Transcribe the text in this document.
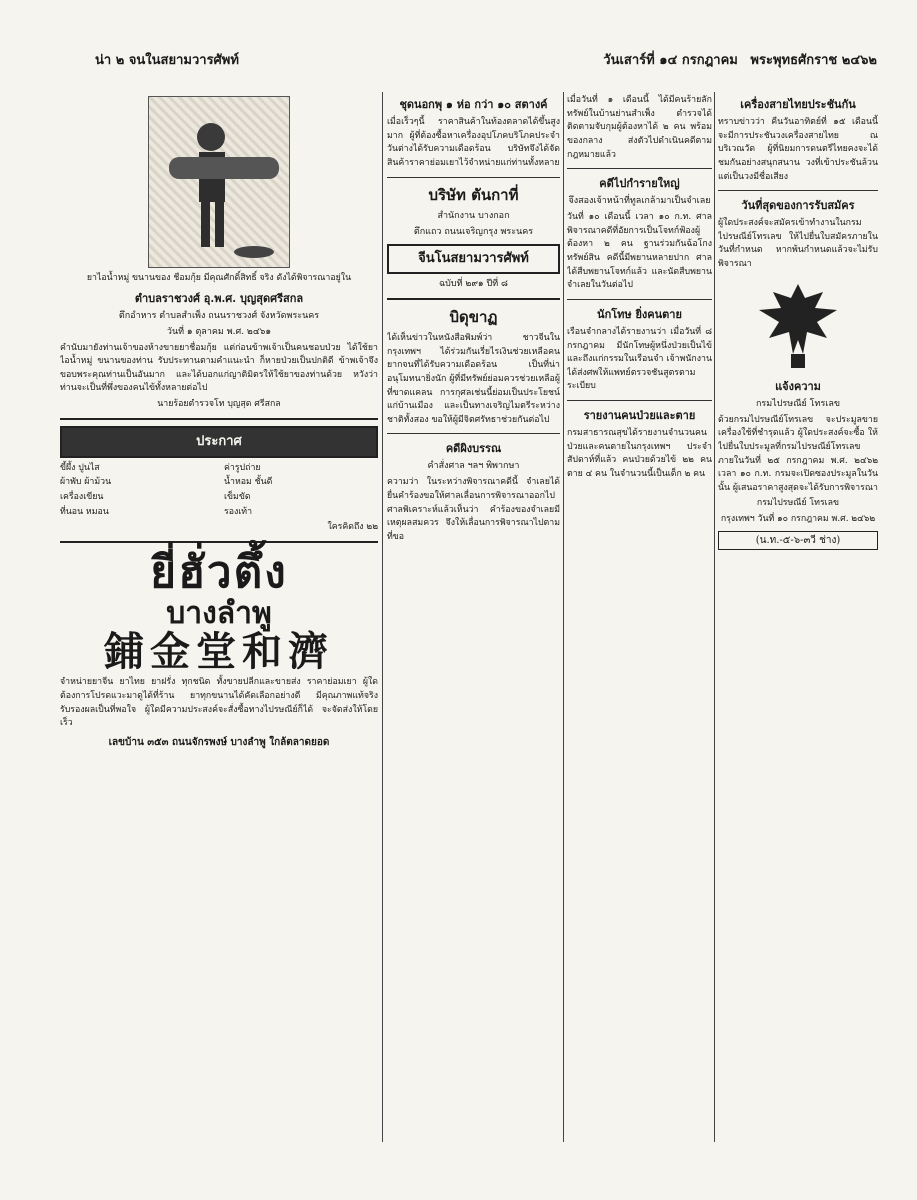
น่า ๒ จนในสยามวารศัพท์	วันเสาร์ที่ ๑๔ กรกฎาคม พระพุทธศักราช ๒๔๖๒
ยาไอน้ำหมู่ ขนานของ ชือมกุ้ย มีคุณศักดิ์สิทธิ์ จริง ดังได้พิจารณาอยู่ใน
ตำบลราชวงศ์ อุ.พ.ศ. บุญสุดศรีสกล
ตึกอำหาร ตำบลสำเพ็ง ถนนราชวงศ์ จังหวัดพระนคร
วันที่ ๑ ตุลาคม พ.ศ. ๒๔๖๑
คำนับมายังท่านเจ้าของห้างขายยาชื่อมกุ้ย แต่ก่อนข้าพเจ้าเป็นคนชอบป่วย ได้ใช้ยาไอน้ำหมู่ ขนานของท่าน รับประทานตามคำแนะนำ ก็หายป่วยเป็นปกติดี ข้าพเจ้าจึงขอบพระคุณท่านเป็นอันมาก และได้บอกแก่ญาติมิตรให้ใช้ยาของท่านด้วย หวังว่าท่านจะเป็นที่พึ่งของคนไข้ทั้งหลายต่อไป
นายร้อยตำรวจโท บุญสุด ศรีสกล
ประกาศ
ขี้ผึ้ง ปูนไส	ค่ารูปถ่าย
ผ้าพับ ผ้าม้วน	น้ำหอม ชั้นดี
เครื่องเขียน	เข็มขัด
ที่นอน หมอน	รองเท้า
ใครคิดถึง ๒๒
ยี่ฮั่วตึ้ง
บางลำพู
鋪金堂和濟
จำหน่ายยาจีน ยาไทย ยาฝรั่ง ทุกชนิด ทั้งขายปลีกและขายส่ง ราคาย่อมเยา ผู้ใดต้องการโปรดแวะมาดูได้ที่ร้าน ยาทุกขนานได้คัดเลือกอย่างดี มีคุณภาพแท้จริง รับรองผลเป็นที่พอใจ ผู้ใดมีความประสงค์จะสั่งซื้อทางไปรษณีย์ก็ได้ จะจัดส่งให้โดยเร็ว
เลขบ้าน ๓๕๓ ถนนจักรพงษ์ บางลำพู ใกล้ตลาดยอด
ชุดนอกพุ ๑ ห่อ กว่า ๑๐ สตางค์
เมื่อเร็วๆนี้ ราคาสินค้าในท้องตลาดได้ขึ้นสูงมาก ผู้ที่ต้องซื้อหาเครื่องอุปโภคบริโภคประจำวันต่างได้รับความเดือดร้อน บริษัทจึงได้จัดสินค้าราคาย่อมเยาไว้จำหน่ายแก่ท่านทั้งหลาย
บริษัท ตันกาที่
สำนักงาน บางกอก
ตึกแถว ถนนเจริญกรุง พระนคร
จีนโนสยามวารศัพท์
ฉบับที่ ๒๙๑ ปีที่ ๘
บิดุขาฏ
ได้เห็นข่าวในหนังสือพิมพ์ว่า ชาวจีนในกรุงเทพฯ ได้ร่วมกันเรี่ยไรเงินช่วยเหลือคนยากจนที่ได้รับความเดือดร้อน เป็นที่น่าอนุโมทนายิ่งนัก ผู้ที่มีทรัพย์ย่อมควรช่วยเหลือผู้ที่ขาดแคลน การกุศลเช่นนี้ย่อมเป็นประโยชน์แก่บ้านเมือง และเป็นทางเจริญไมตรีระหว่างชาติทั้งสอง ขอให้ผู้มีจิตศรัทธาช่วยกันต่อไป
คดีผิงบรรณ
คำสั่งศาล ฯลฯ พิพากษา
ความว่า ในระหว่างพิจารณาคดีนี้ จำเลยได้ยื่นคำร้องขอให้ศาลเลื่อนการพิจารณาออกไป ศาลพิเคราะห์แล้วเห็นว่า คำร้องของจำเลยมีเหตุผลสมควร จึงให้เลื่อนการพิจารณาไปตามที่ขอ
เมื่อวันที่ ๑ เดือนนี้ ได้มีคนร้ายลักทรัพย์ในบ้านย่านสำเพ็ง ตำรวจได้ติดตามจับกุมผู้ต้องหาได้ ๒ คน พร้อมของกลาง ส่งตัวไปดำเนินคดีตามกฎหมายแล้ว
คดีไปกำรายใหญ่
จึงสองเจ้าหน้าที่ทูลเกล้ามาเป็นจำเลย
วันที่ ๑๐ เดือนนี้ เวลา ๑๐ ก.ท. ศาลพิจารณาคดีที่อัยการเป็นโจทก์ฟ้องผู้ต้องหา ๒ คน ฐานร่วมกันฉ้อโกงทรัพย์สิน คดีนี้มีพยานหลายปาก ศาลได้สืบพยานโจทก์แล้ว และนัดสืบพยานจำเลยในวันต่อไป
นักโทษ ยิ่งคนตาย
เรือนจำกลางได้รายงานว่า เมื่อวันที่ ๘ กรกฎาคม มีนักโทษผู้หนึ่งป่วยเป็นไข้ และถึงแก่กรรมในเรือนจำ เจ้าพนักงานได้ส่งศพให้แพทย์ตรวจชันสูตรตามระเบียบ
รายงานคนป่วยและตาย
กรมสาธารณสุขได้รายงานจำนวนคนป่วยและคนตายในกรุงเทพฯ ประจำสัปดาห์ที่แล้ว คนป่วยด้วยไข้ ๒๒ คน ตาย ๔ คน ในจำนวนนี้เป็นเด็ก ๒ คน
เครื่องสายไทยประชันกัน
ทราบข่าวว่า คืนวันอาทิตย์ที่ ๑๕ เดือนนี้ จะมีการประชันวงเครื่องสายไทย ณ บริเวณวัด ผู้ที่นิยมการดนตรีไทยคงจะได้ชมกันอย่างสนุกสนาน วงที่เข้าประชันล้วนแต่เป็นวงมีชื่อเสียง
วันที่สุดของการรับสมัคร
ผู้ใดประสงค์จะสมัครเข้าทำงานในกรมไปรษณีย์โทรเลข ให้ไปยื่นใบสมัครภายในวันที่กำหนด หากพ้นกำหนดแล้วจะไม่รับพิจารณา
แจ้งความ
กรมไปรษณีย์ โทรเลข
ด้วยกรมไปรษณีย์โทรเลข จะประมูลขายเครื่องใช้ที่ชำรุดแล้ว ผู้ใดประสงค์จะซื้อ ให้ไปยื่นใบประมูลที่กรมไปรษณีย์โทรเลข ภายในวันที่ ๒๕ กรกฎาคม พ.ศ. ๒๔๖๒ เวลา ๑๐ ก.ท. กรมจะเปิดซองประมูลในวันนั้น ผู้เสนอราคาสูงสุดจะได้รับการพิจารณา
กรมไปรษณีย์ โทรเลข
กรุงเทพฯ วันที่ ๑๐ กรกฎาคม พ.ศ. ๒๔๖๒
(น.ท.-๕-๖-๓วี ช่าง)
